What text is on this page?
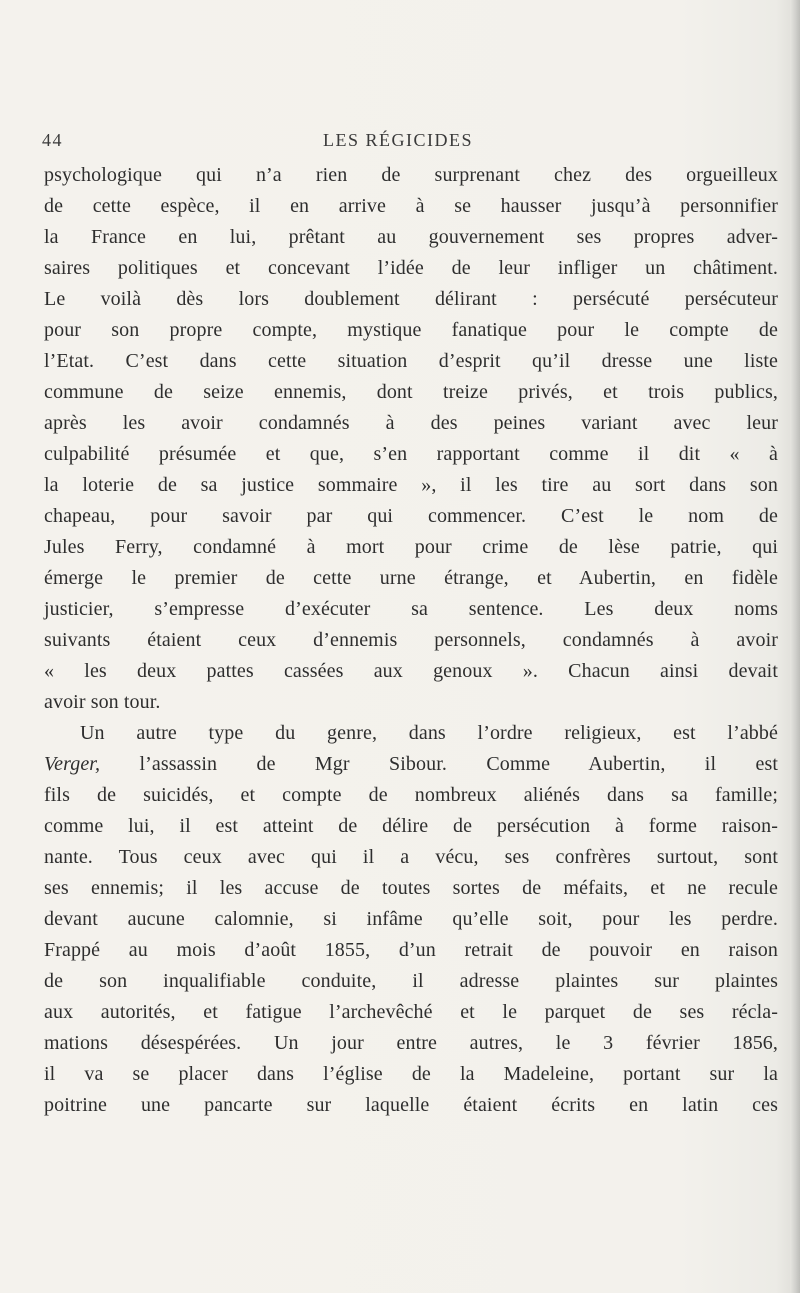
44	LES RÉGICIDES
psychologique qui n’a rien de surprenant chez des orgueilleux
de cette espèce, il en arrive à se hausser jusqu’à personnifier
la France en lui, prêtant au gouvernement ses propres adver-
saires politiques et concevant l’idée de leur infliger un châtiment.
Le voilà dès lors doublement délirant : persécuté persécuteur
pour son propre compte, mystique fanatique pour le compte de
l’Etat. C’est dans cette situation d’esprit qu’il dresse une liste
commune de seize ennemis, dont treize privés, et trois publics,
après les avoir condamnés à des peines variant avec leur
culpabilité présumée et que, s’en rapportant comme il dit « à
la loterie de sa justice sommaire », il les tire au sort dans son
chapeau, pour savoir par qui commencer. C’est le nom de
Jules Ferry, condamné à mort pour crime de lèse patrie, qui
émerge le premier de cette urne étrange, et Aubertin, en fidèle
justicier, s’empresse d’exécuter sa sentence. Les deux noms
suivants étaient ceux d’ennemis personnels, condamnés à avoir
« les deux pattes cassées aux genoux ». Chacun ainsi devait
avoir son tour.
Un autre type du genre, dans l’ordre religieux, est l’abbé
Verger, l’assassin de Mgr Sibour. Comme Aubertin, il est
fils de suicidés, et compte de nombreux aliénés dans sa famille;
comme lui, il est atteint de délire de persécution à forme raison-
nante. Tous ceux avec qui il a vécu, ses confrères surtout, sont
ses ennemis; il les accuse de toutes sortes de méfaits, et ne recule
devant aucune calomnie, si infâme qu’elle soit, pour les perdre.
Frappé au mois d’août 1855, d’un retrait de pouvoir en raison
de son inqualifiable conduite, il adresse plaintes sur plaintes
aux autorités, et fatigue l’archevêché et le parquet de ses récla-
mations désespérées. Un jour entre autres, le 3 février 1856,
il va se placer dans l’église de la Madeleine, portant sur la
poitrine une pancarte sur laquelle étaient écrits en latin ces
